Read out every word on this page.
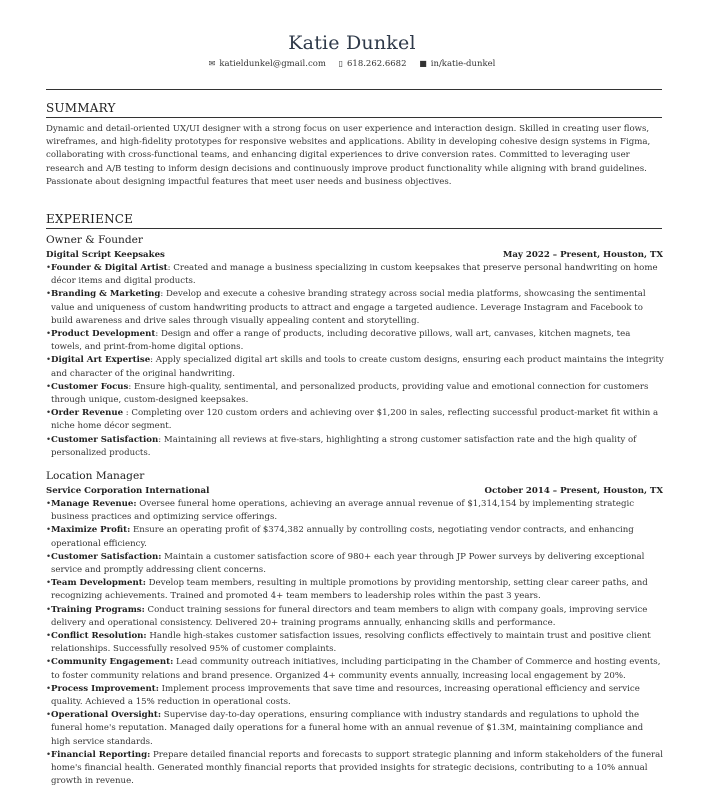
Katie Dunkel
✉ katieldunkel@gmail.com ▯ 618.262.6682 ■ in/katie-dunkel
SUMMARY
Dynamic and detail-oriented UX/UI designer with a strong focus on user experience and interaction design. Skilled in creating user flows, wireframes, and high-fidelity prototypes for responsive websites and applications. Ability in developing cohesive design systems in Figma, collaborating with cross-functional teams, and enhancing digital experiences to drive conversion rates. Committed to leveraging user research and A/B testing to inform design decisions and continuously improve product functionality while aligning with brand guidelines. Passionate about designing impactful features that meet user needs and business objectives.
EXPERIENCE
Owner & Founder
Digital Script Keepsakes	May 2022 – Present, Houston, TX
• Founder & Digital Artist: Created and manage a business specializing in custom keepsakes that preserve personal handwriting on home décor items and digital products.
• Branding & Marketing: Develop and execute a cohesive branding strategy across social media platforms, showcasing the sentimental value and uniqueness of custom handwriting products to attract and engage a targeted audience. Leverage Instagram and Facebook to build awareness and drive sales through visually appealing content and storytelling.
• Product Development: Design and offer a range of products, including decorative pillows, wall art, canvases, kitchen magnets, tea towels, and print-from-home digital options.
• Digital Art Expertise: Apply specialized digital art skills and tools to create custom designs, ensuring each product maintains the integrity and character of the original handwriting.
• Customer Focus: Ensure high-quality, sentimental, and personalized products, providing value and emotional connection for customers through unique, custom-designed keepsakes.
• Order Revenue : Completing over 120 custom orders and achieving over $1,200 in sales, reflecting successful product-market fit within a niche home décor segment.
• Customer Satisfaction: Maintaining all reviews at five-stars, highlighting a strong customer satisfaction rate and the high quality of personalized products.
Location Manager
Service Corporation International	October 2014 – Present, Houston, TX
• Manage Revenue: Oversee funeral home operations, achieving an average annual revenue of $1,314,154 by implementing strategic business practices and optimizing service offerings.
• Maximize Profit: Ensure an operating profit of $374,382 annually by controlling costs, negotiating vendor contracts, and enhancing operational efficiency.
• Customer Satisfaction: Maintain a customer satisfaction score of 980+ each year through JP Power surveys by delivering exceptional service and promptly addressing client concerns.
• Team Development: Develop team members, resulting in multiple promotions by providing mentorship, setting clear career paths, and recognizing achievements. Trained and promoted 4+ team members to leadership roles within the past 3 years.
• Training Programs: Conduct training sessions for funeral directors and team members to align with company goals, improving service delivery and operational consistency. Delivered 20+ training programs annually, enhancing skills and performance.
• Conflict Resolution: Handle high-stakes customer satisfaction issues, resolving conflicts effectively to maintain trust and positive client relationships. Successfully resolved 95% of customer complaints.
• Community Engagement: Lead community outreach initiatives, including participating in the Chamber of Commerce and hosting events, to foster community relations and brand presence. Organized 4+ community events annually, increasing local engagement by 20%.
• Process Improvement: Implement process improvements that save time and resources, increasing operational efficiency and service quality. Achieved a 15% reduction in operational costs.
• Operational Oversight: Supervise day-to-day operations, ensuring compliance with industry standards and regulations to uphold the funeral home's reputation. Managed daily operations for a funeral home with an annual revenue of $1.3M, maintaining compliance and high service standards.
• Financial Reporting: Prepare detailed financial reports and forecasts to support strategic planning and inform stakeholders of the funeral home's financial health. Generated monthly financial reports that provided insights for strategic decisions, contributing to a 10% annual growth in revenue.
